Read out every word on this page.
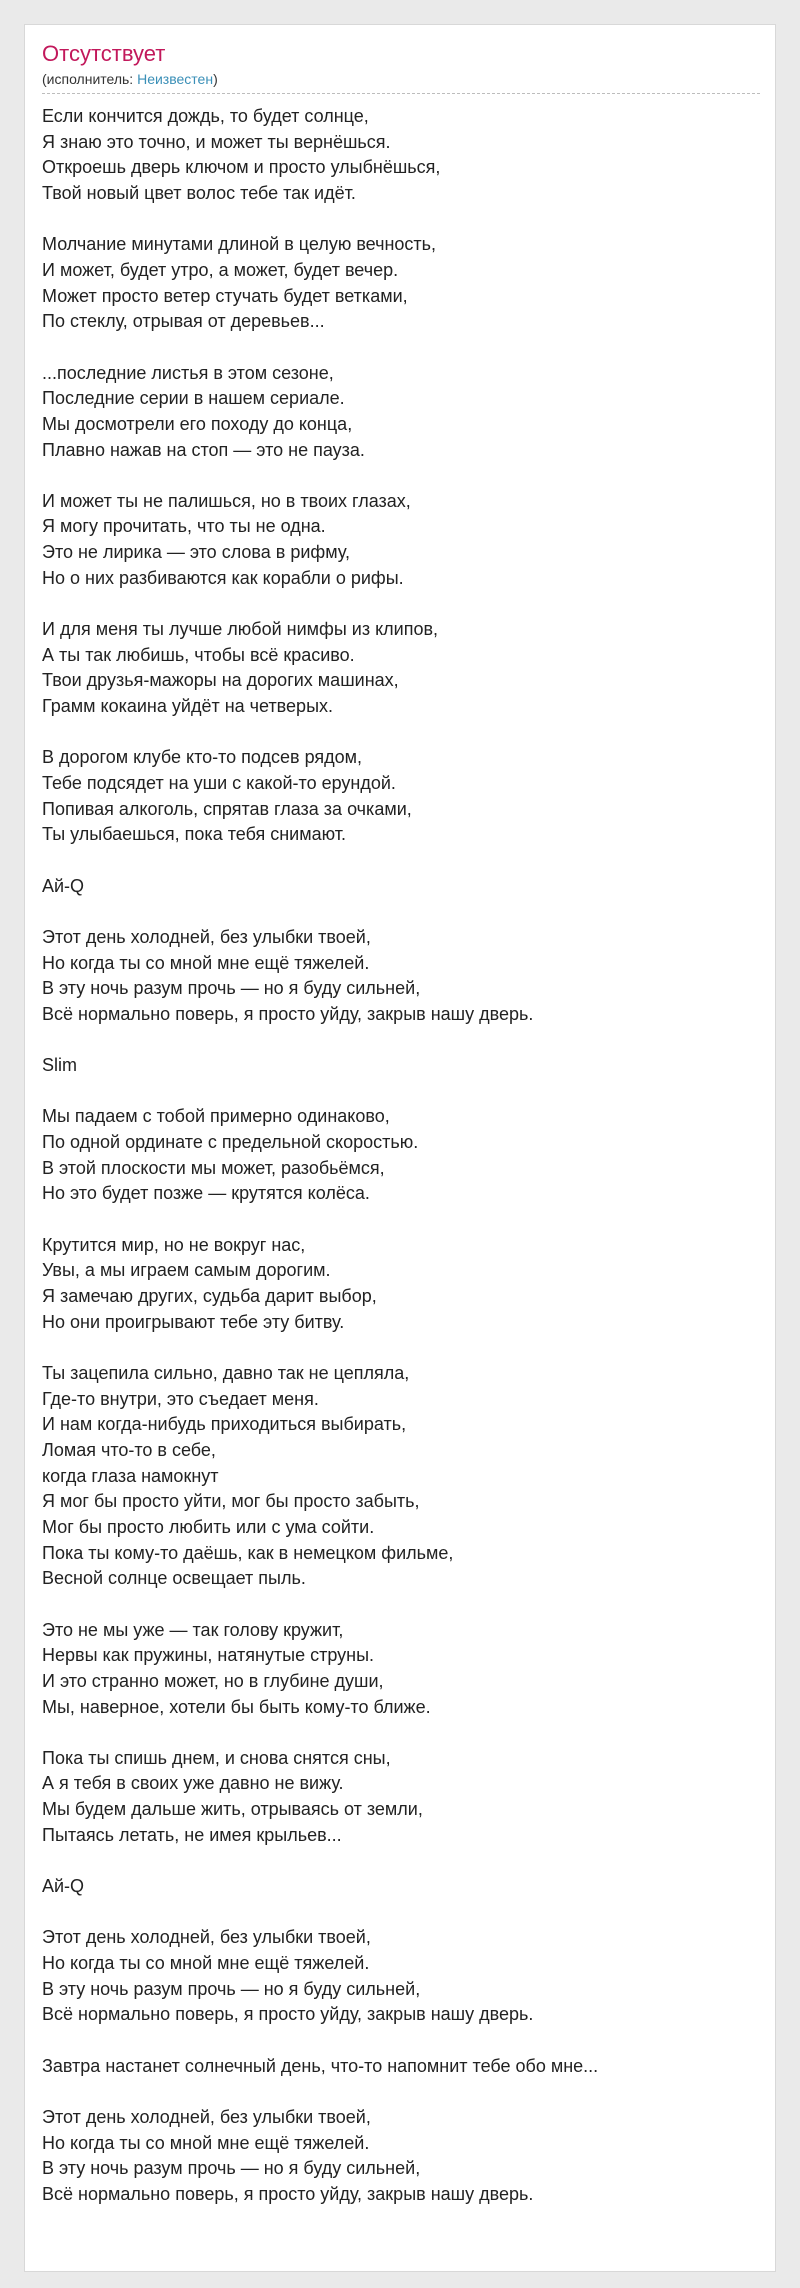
Отсутствует
(исполнитель: Неизвестен)
Если кончится дождь, то будет солнце,
Я знаю это точно, и может ты вернёшься.
Откроешь дверь ключом и просто улыбнёшься,
Твой новый цвет волос тебе так идёт.
Молчание минутами длиной в целую вечность,
И может, будет утро, а может, будет вечер.
Может просто ветер стучать будет ветками,
По стеклу, отрывая от деревьев...
...последние листья в этом сезоне,
Последние серии в нашем сериале.
Мы досмотрели его походу до конца,
Плавно нажав на стоп — это не пауза.
И может ты не палишься, но в твоих глазах,
Я могу прочитать, что ты не одна.
Это не лирика — это слова в рифму,
Но о них разбиваются как корабли о рифы.
И для меня ты лучше любой нимфы из клипов,
А ты так любишь, чтобы всё красиво.
Твои друзья-мажоры на дорогих машинах,
Грамм кокаина уйдёт на четверых.
В дорогом клубе кто-то подсев рядом,
Тебе подсядет на уши с какой-то ерундой.
Попивая алкоголь, спрятав глаза за очками,
Ты улыбаешься, пока тебя снимают.
Ай-Q
Этот день холодней, без улыбки твоей,
Но когда ты со мной мне ещё тяжелей.
В эту ночь разум прочь — но я буду сильней,
Всё нормально поверь, я просто уйду, закрыв нашу дверь.
Slim
Мы падаем с тобой примерно одинаково,
По одной ординате с предельной скоростью.
В этой плоскости мы может, разобьёмся,
Но это будет позже — крутятся колёса.
Крутится мир, но не вокруг нас,
Увы, а мы играем самым дорогим.
Я замечаю других, судьба дарит выбор,
Но они проигрывают тебе эту битву.
Ты зацепила сильно, давно так не цепляла,
Где-то внутри, это съедает меня.
И нам когда-нибудь приходиться выбирать,
Ломая что-то в себе,
когда глаза намокнут
Я мог бы просто уйти, мог бы просто забыть,
Мог бы просто любить или с ума сойти.
Пока ты кому-то даёшь, как в немецком фильме,
Весной солнце освещает пыль.
Это не мы уже — так голову кружит,
Нервы как пружины, натянутые струны.
И это странно может, но в глубине души,
Мы, наверное, хотели бы быть кому-то ближе.
Пока ты спишь днем, и снова снятся сны,
А я тебя в своих уже давно не вижу.
Мы будем дальше жить, отрываясь от земли,
Пытаясь летать, не имея крыльев...
Ай-Q
Этот день холодней, без улыбки твоей,
Но когда ты со мной мне ещё тяжелей.
В эту ночь разум прочь — но я буду сильней,
Всё нормально поверь, я просто уйду, закрыв нашу дверь.
Завтра настанет солнечный день, что-то напомнит тебе обо мне...
Этот день холодней, без улыбки твоей,
Но когда ты со мной мне ещё тяжелей.
В эту ночь разум прочь — но я буду сильней,
Всё нормально поверь, я просто уйду, закрыв нашу дверь.
